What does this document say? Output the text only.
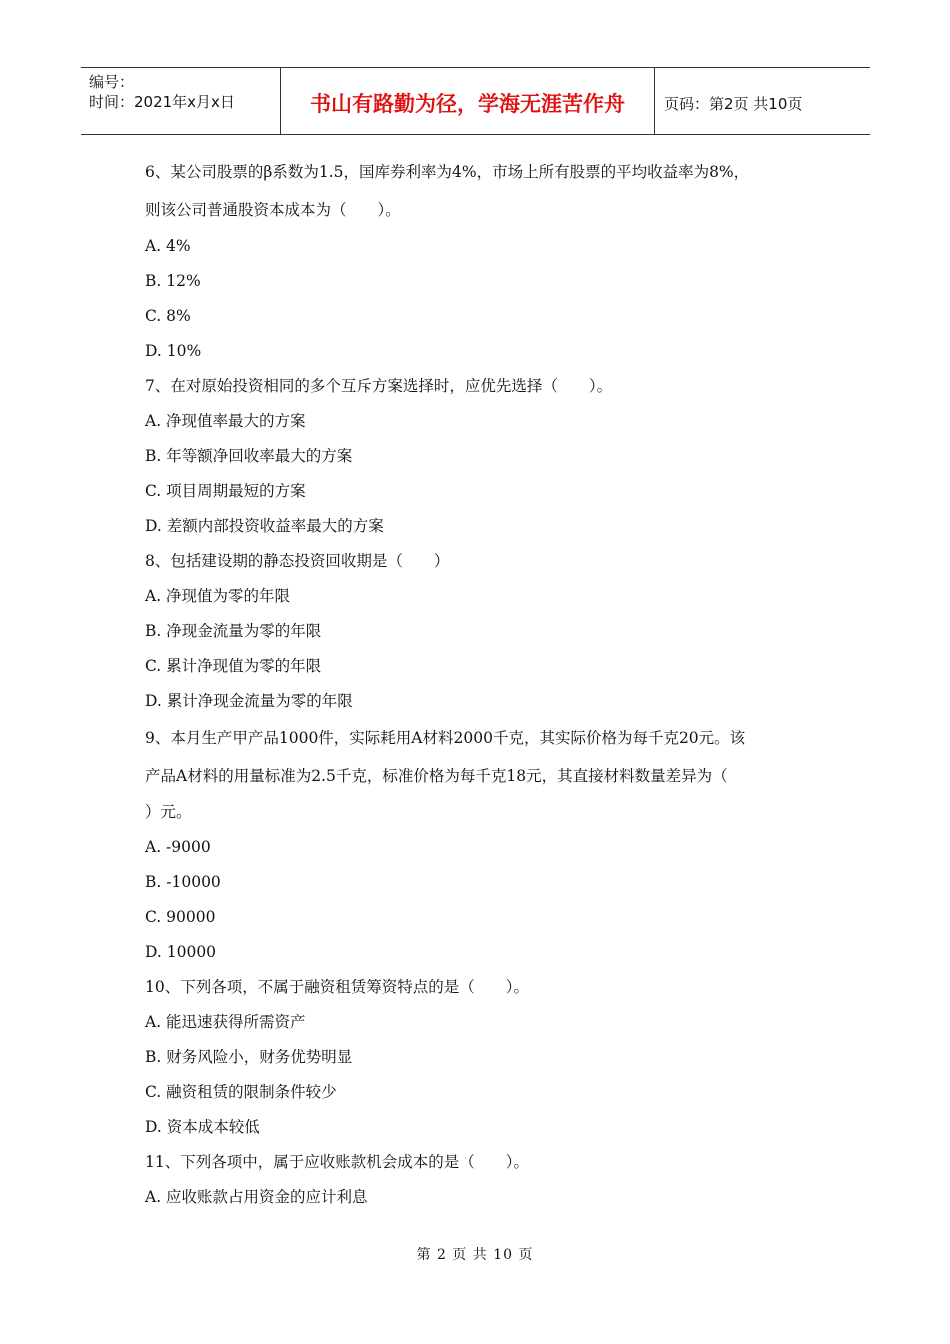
编号：
时间：2021年x月x日	书山有路勤为径，学海无涯苦作舟	页码：第2页 共10页
6、某公司股票的β系数为1.5，国库券利率为4%，市场上所有股票的平均收益率为8%，
则该公司普通股资本成本为（　　）。
A. 4%
B. 12%
C. 8%
D. 10%
7、在对原始投资相同的多个互斥方案选择时，应优先选择（　　）。
A. 净现值率最大的方案
B. 年等额净回收率最大的方案
C. 项目周期最短的方案
D. 差额内部投资收益率最大的方案
8、包括建设期的静态投资回收期是（　　）
A. 净现值为零的年限
B. 净现金流量为零的年限
C. 累计净现值为零的年限
D. 累计净现金流量为零的年限
9、本月生产甲产品1000件，实际耗用A材料2000千克，其实际价格为每千克20元。该
产品A材料的用量标准为2.5千克，标准价格为每千克18元，其直接材料数量差异为（
）元。
A. -9000
B. -10000
C. 90000
D. 10000
10、下列各项，不属于融资租赁筹资特点的是（　　）。
A. 能迅速获得所需资产
B. 财务风险小，财务优势明显
C. 融资租赁的限制条件较少
D. 资本成本较低
11、下列各项中，属于应收账款机会成本的是（　　）。
A. 应收账款占用资金的应计利息
第 2 页 共 10 页
